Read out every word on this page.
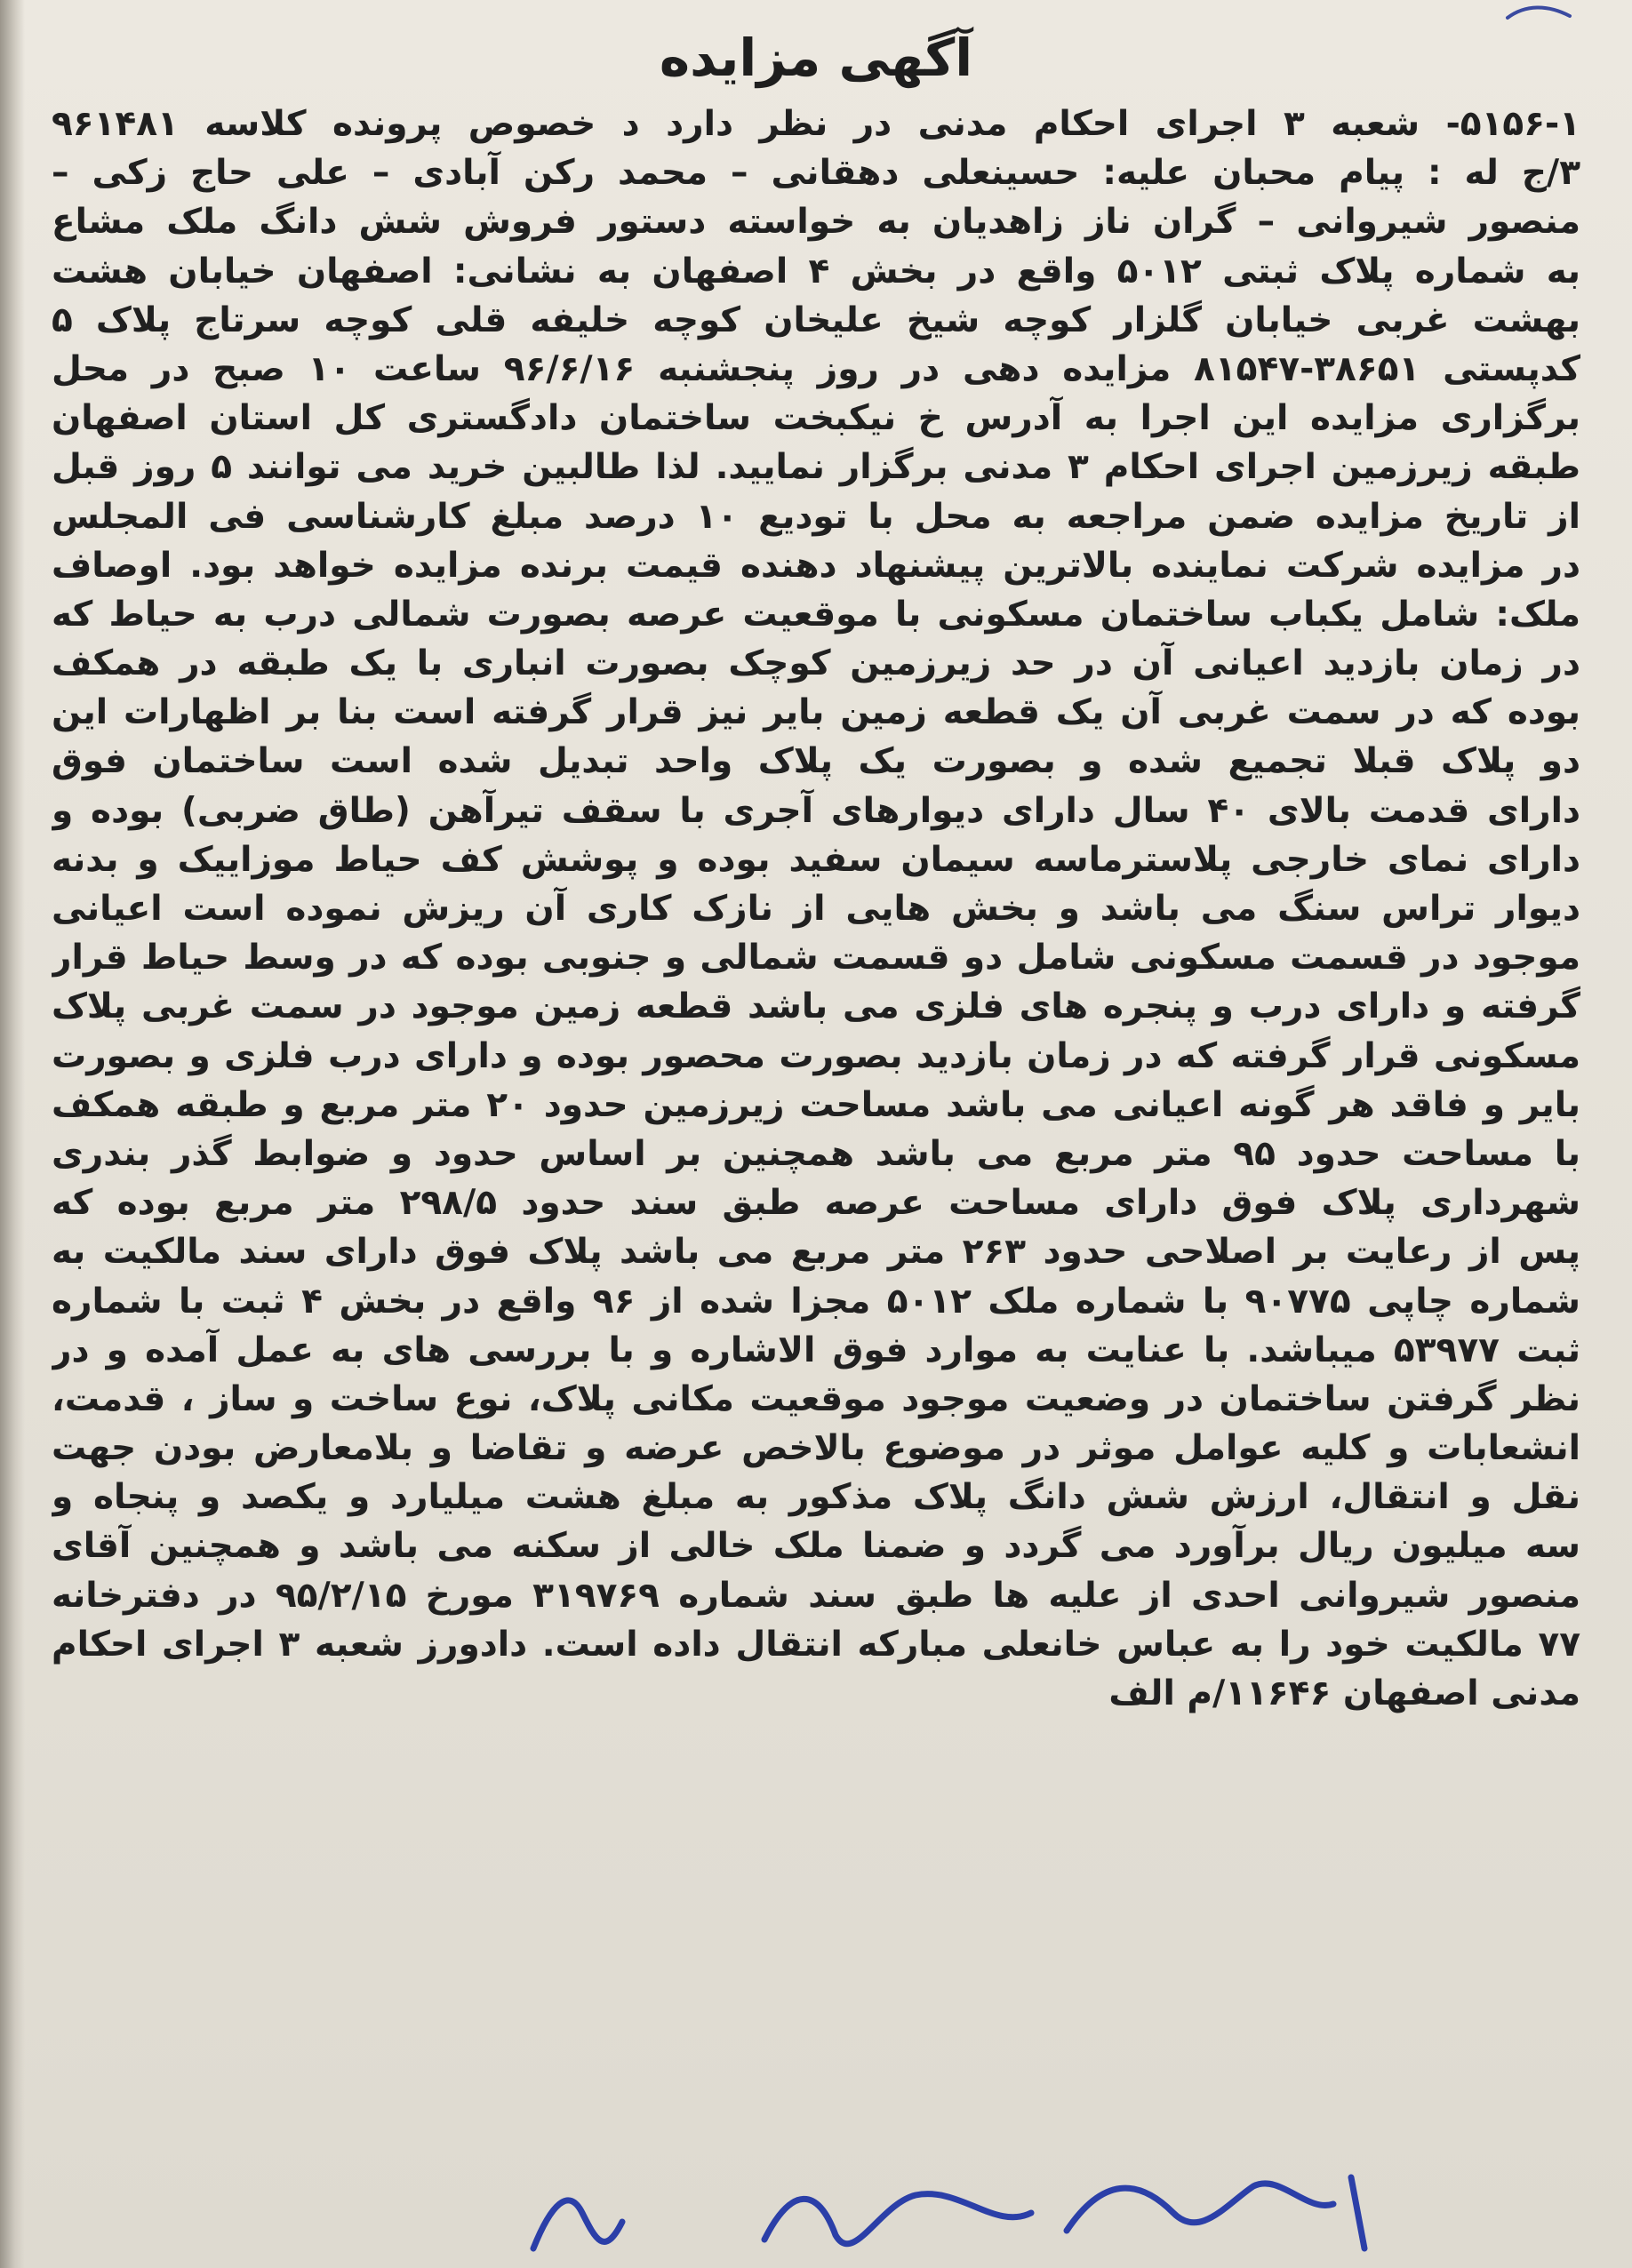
آگهی مزایده
۵۱۵۶-۱- شعبه ۳ اجرای احکام مدنی در نظر دارد د خصوص پرونده کلاسه ۹۶۱۴۸۱
۳/ج له : پیام محبان علیه: حسینعلی دهقانی – محمد رکن آبادی – علی حاج زکی –
منصور شیروانی – گران ناز زاهدیان به خواسته دستور فروش شش دانگ ملک مشاع
به شماره پلاک ثبتی ۵۰۱۲ واقع در بخش ۴ اصفهان به نشانی: اصفهان خیابان هشت
بهشت غربی خیابان گلزار کوچه شیخ علیخان کوچه خلیفه قلی کوچه سرتاج پلاک ۵
کدپستی ۳۸۶۵۱-۸۱۵۴۷ مزایده دهی در روز پنجشنبه ۹۶/۶/۱۶ ساعت ۱۰ صبح در محل
برگزاری مزایده این اجرا به آدرس خ نیکبخت ساختمان دادگستری کل استان اصفهان
طبقه زیرزمین اجرای احکام ۳ مدنی برگزار نمایید. لذا طالبین خرید می توانند ۵ روز قبل
از تاریخ مزایده ضمن مراجعه به محل با تودیع ۱۰ درصد مبلغ کارشناسی فی المجلس
در مزایده شرکت نماینده بالاترین پیشنهاد دهنده قیمت برنده مزایده خواهد بود. اوصاف
ملک: شامل یکباب ساختمان مسکونی با موقعیت عرصه بصورت شمالی درب به حیاط که
در زمان بازدید اعیانی آن در حد زیرزمین کوچک بصورت انباری با یک طبقه در همکف
بوده که در سمت غربی آن یک قطعه زمین بایر نیز قرار گرفته است بنا بر اظهارات این
دو پلاک قبلا تجمیع شده و بصورت یک پلاک واحد تبدیل شده است ساختمان فوق
دارای قدمت بالای ۴۰ سال دارای دیوارهای آجری با سقف تیرآهن (طاق ضربی) بوده و
دارای نمای خارجی پلاسترماسه سیمان سفید بوده و پوشش کف حیاط موزاییک و بدنه
دیوار تراس سنگ می باشد و بخش هایی از نازک کاری آن ریزش نموده است اعیانی
موجود در قسمت مسکونی شامل دو قسمت شمالی و جنوبی بوده که در وسط حیاط قرار
گرفته و دارای درب و پنجره های فلزی می باشد قطعه زمین موجود در سمت غربی پلاک
مسکونی قرار گرفته که در زمان بازدید بصورت محصور بوده و دارای درب فلزی و بصورت
بایر و فاقد هر گونه اعیانی می باشد مساحت زیرزمین حدود ۲۰ متر مربع و طبقه همکف
با مساحت حدود ۹۵ متر مربع می باشد همچنین بر اساس حدود و ضوابط گذر بندری
شهرداری پلاک فوق دارای مساحت عرصه طبق سند حدود ۲۹۸/۵ متر مربع بوده که
پس از رعایت بر اصلاحی حدود ۲۶۳ متر مربع می باشد پلاک فوق دارای سند مالکیت به
شماره چاپی ۹۰۷۷۵ با شماره ملک ۵۰۱۲ مجزا شده از ۹۶ واقع در بخش ۴ ثبت با شماره
ثبت ۵۳۹۷۷ میباشد. با عنایت به موارد فوق الاشاره و با بررسی های به عمل آمده و در
نظر گرفتن ساختمان در وضعیت موجود موقعیت مکانی پلاک، نوع ساخت و ساز ، قدمت،
انشعابات و کلیه عوامل موثر در موضوع بالاخص عرضه و تقاضا و بلامعارض بودن جهت
نقل و انتقال، ارزش شش دانگ پلاک مذکور به مبلغ هشت میلیارد و یکصد و پنجاه و
سه میلیون ریال برآورد می گردد و ضمنا ملک خالی از سکنه می باشد و همچنین آقای
منصور شیروانی احدی از علیه ها طبق سند شماره ۳۱۹۷۶۹ مورخ ۹۵/۲/۱۵ در دفترخانه
۷۷ مالکیت خود را به عباس خانعلی مبارکه انتقال داده است. دادورز شعبه ۳ اجرای احکام
مدنی اصفهان ۱۱۶۴۶/م الف
